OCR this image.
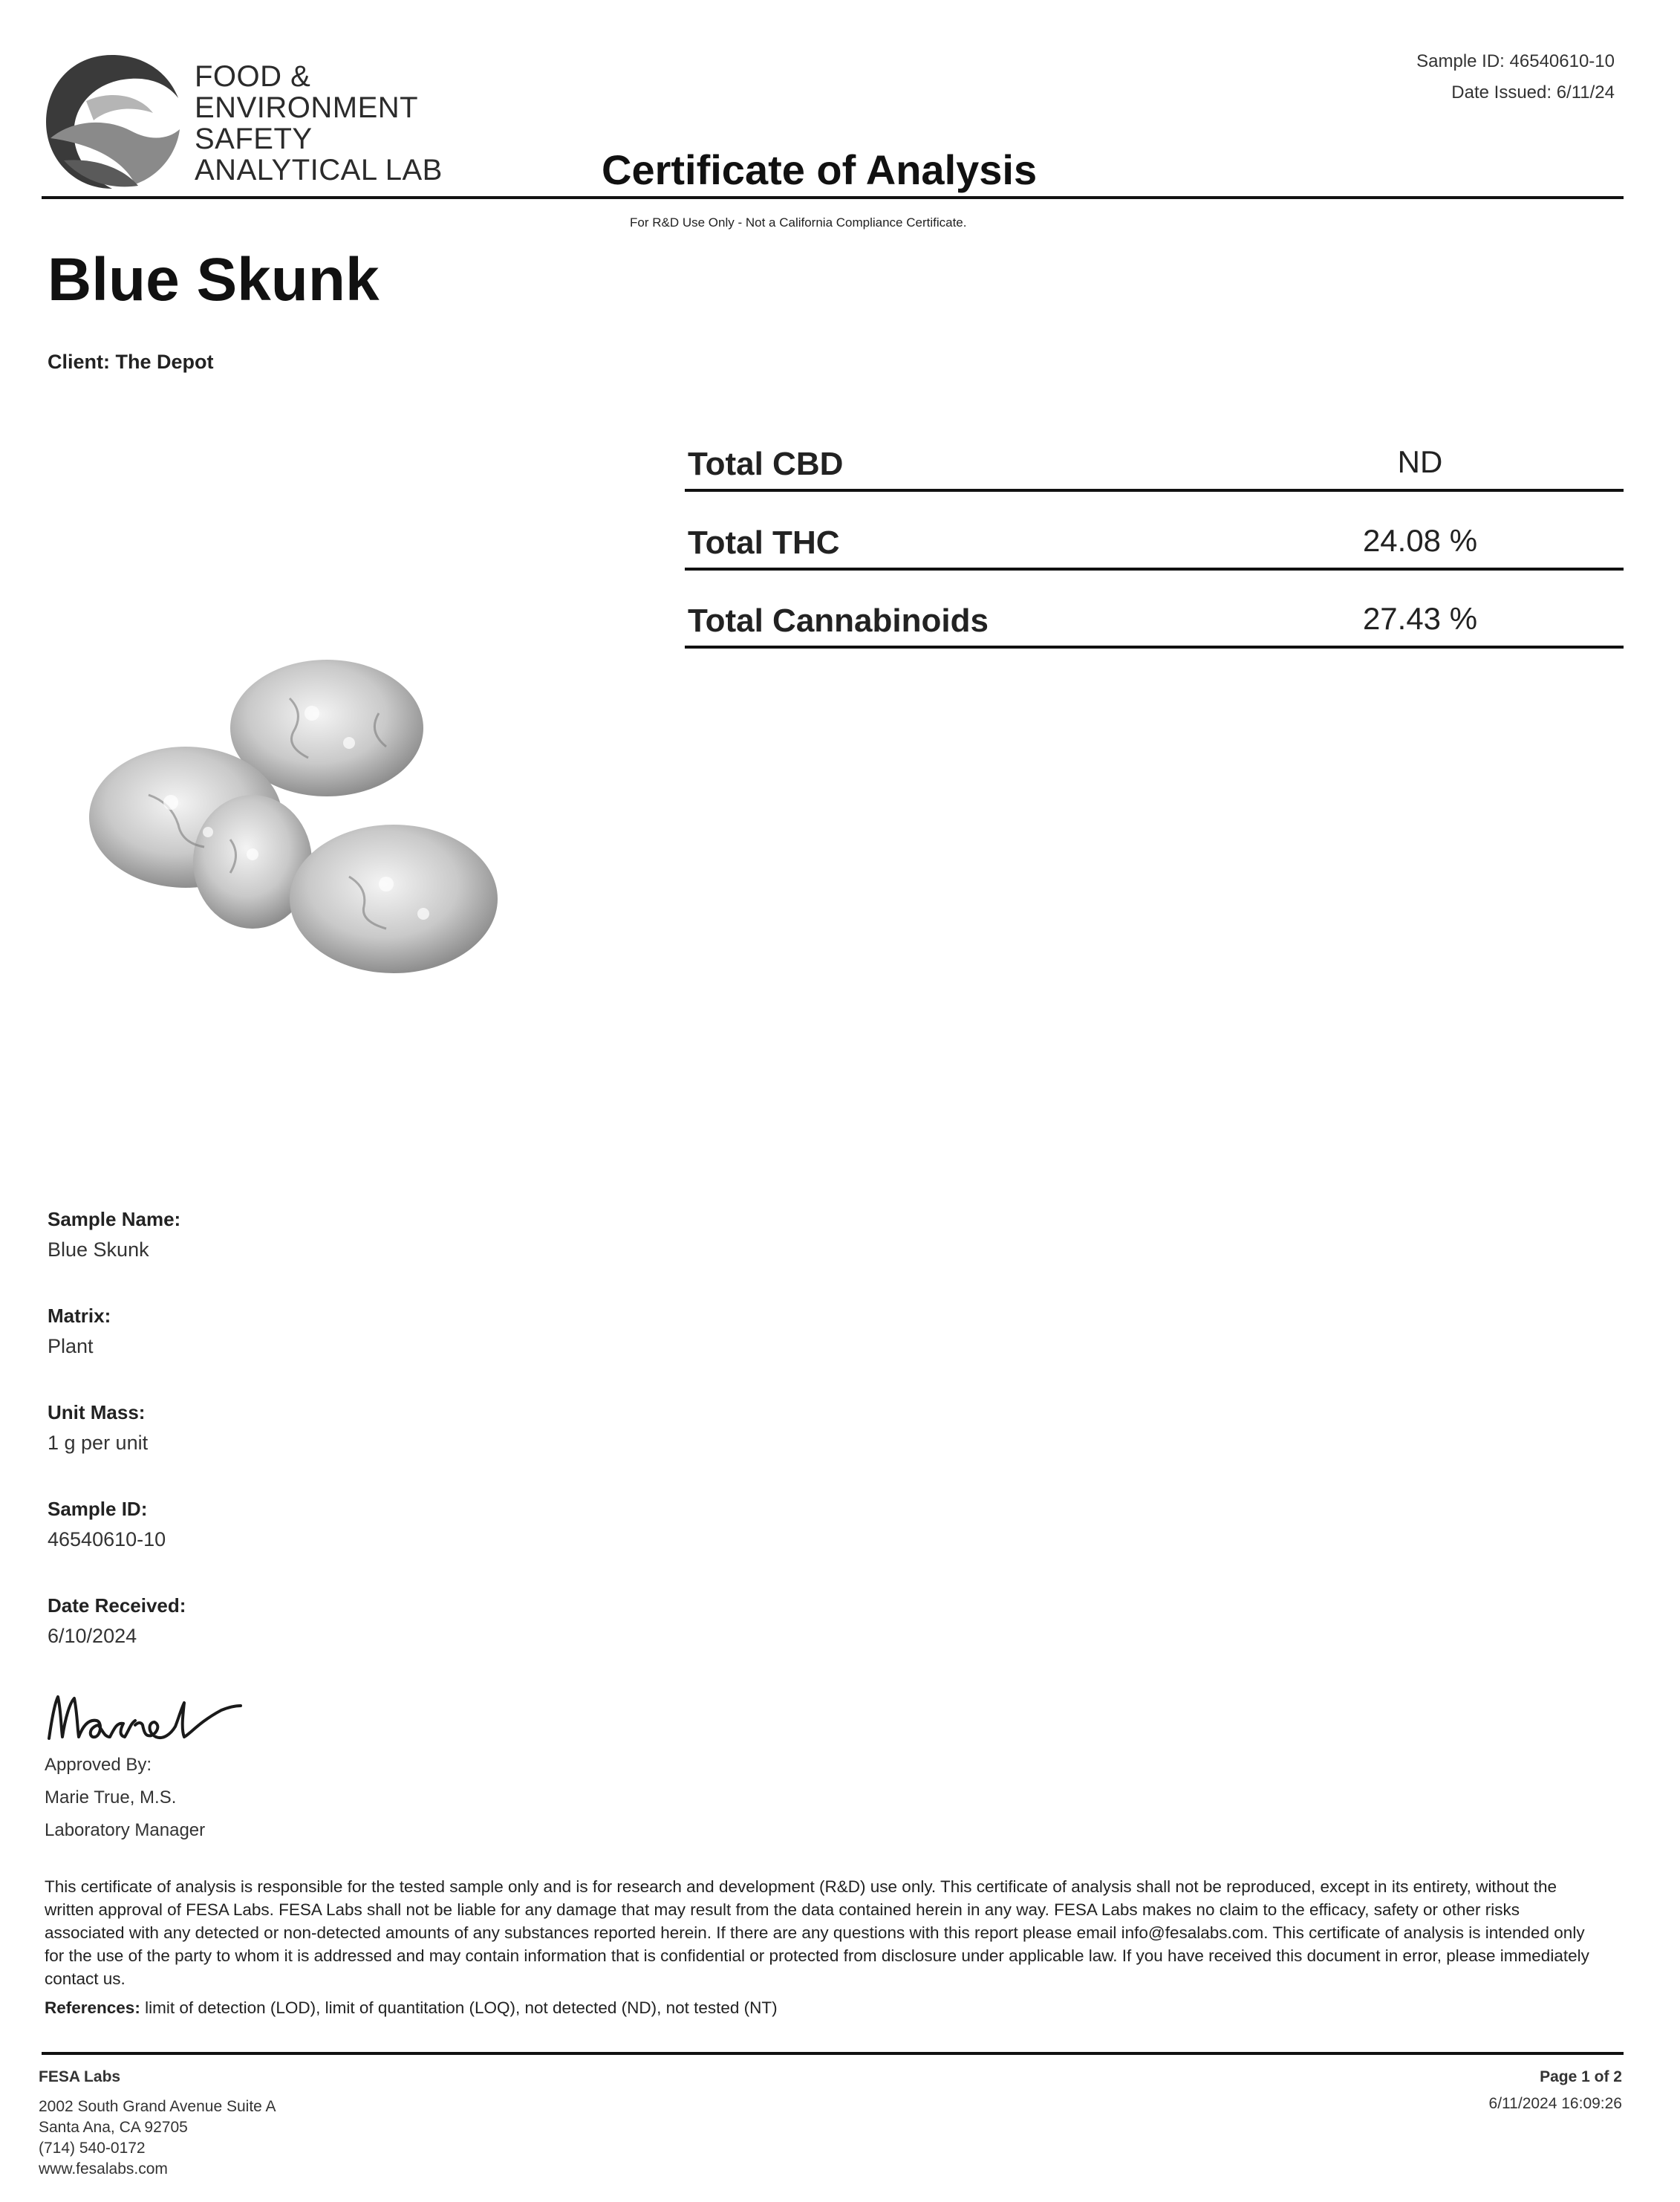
FOOD &
ENVIRONMENT
SAFETY
ANALYTICAL LAB	Certificate of Analysis
For R&D Use Only - Not a California Compliance Certificate.
Sample ID: 46540610-10
Date Issued: 6/11/24
Blue Skunk
Client: The Depot
Total CBD	ND
Total THC	24.08 %
Total Cannabinoids	27.43 %
Sample Name:
Blue Skunk
Matrix:
Plant
Unit Mass:
1 g per unit
Sample ID:
46540610-10
Date Received:
6/10/2024
Approved By:
Marie True, M.S.
Laboratory Manager
This certificate of analysis is responsible for the tested sample only and is for research and development (R&D) use only. This certificate of analysis shall not be reproduced, except in its entirety, without the written approval of FESA Labs. FESA Labs shall not be liable for any damage that may result from the data contained herein in any way. FESA Labs makes no claim to the efficacy, safety or other risks associated with any detected or non-detected amounts of any substances reported herein. If there are any questions with this report please email info@fesalabs.com. This certificate of analysis is intended only for the use of the party to whom it is addressed and may contain information that is confidential or protected from disclosure under applicable law. If you have received this document in error, please immediately contact us.
References: limit of detection (LOD), limit of quantitation (LOQ), not detected (ND), not tested (NT)
FESA Labs
2002 South Grand Avenue Suite A
Santa Ana, CA 92705
(714) 540-0172
www.fesalabs.com
Page 1 of 2
6/11/2024 16:09:26
